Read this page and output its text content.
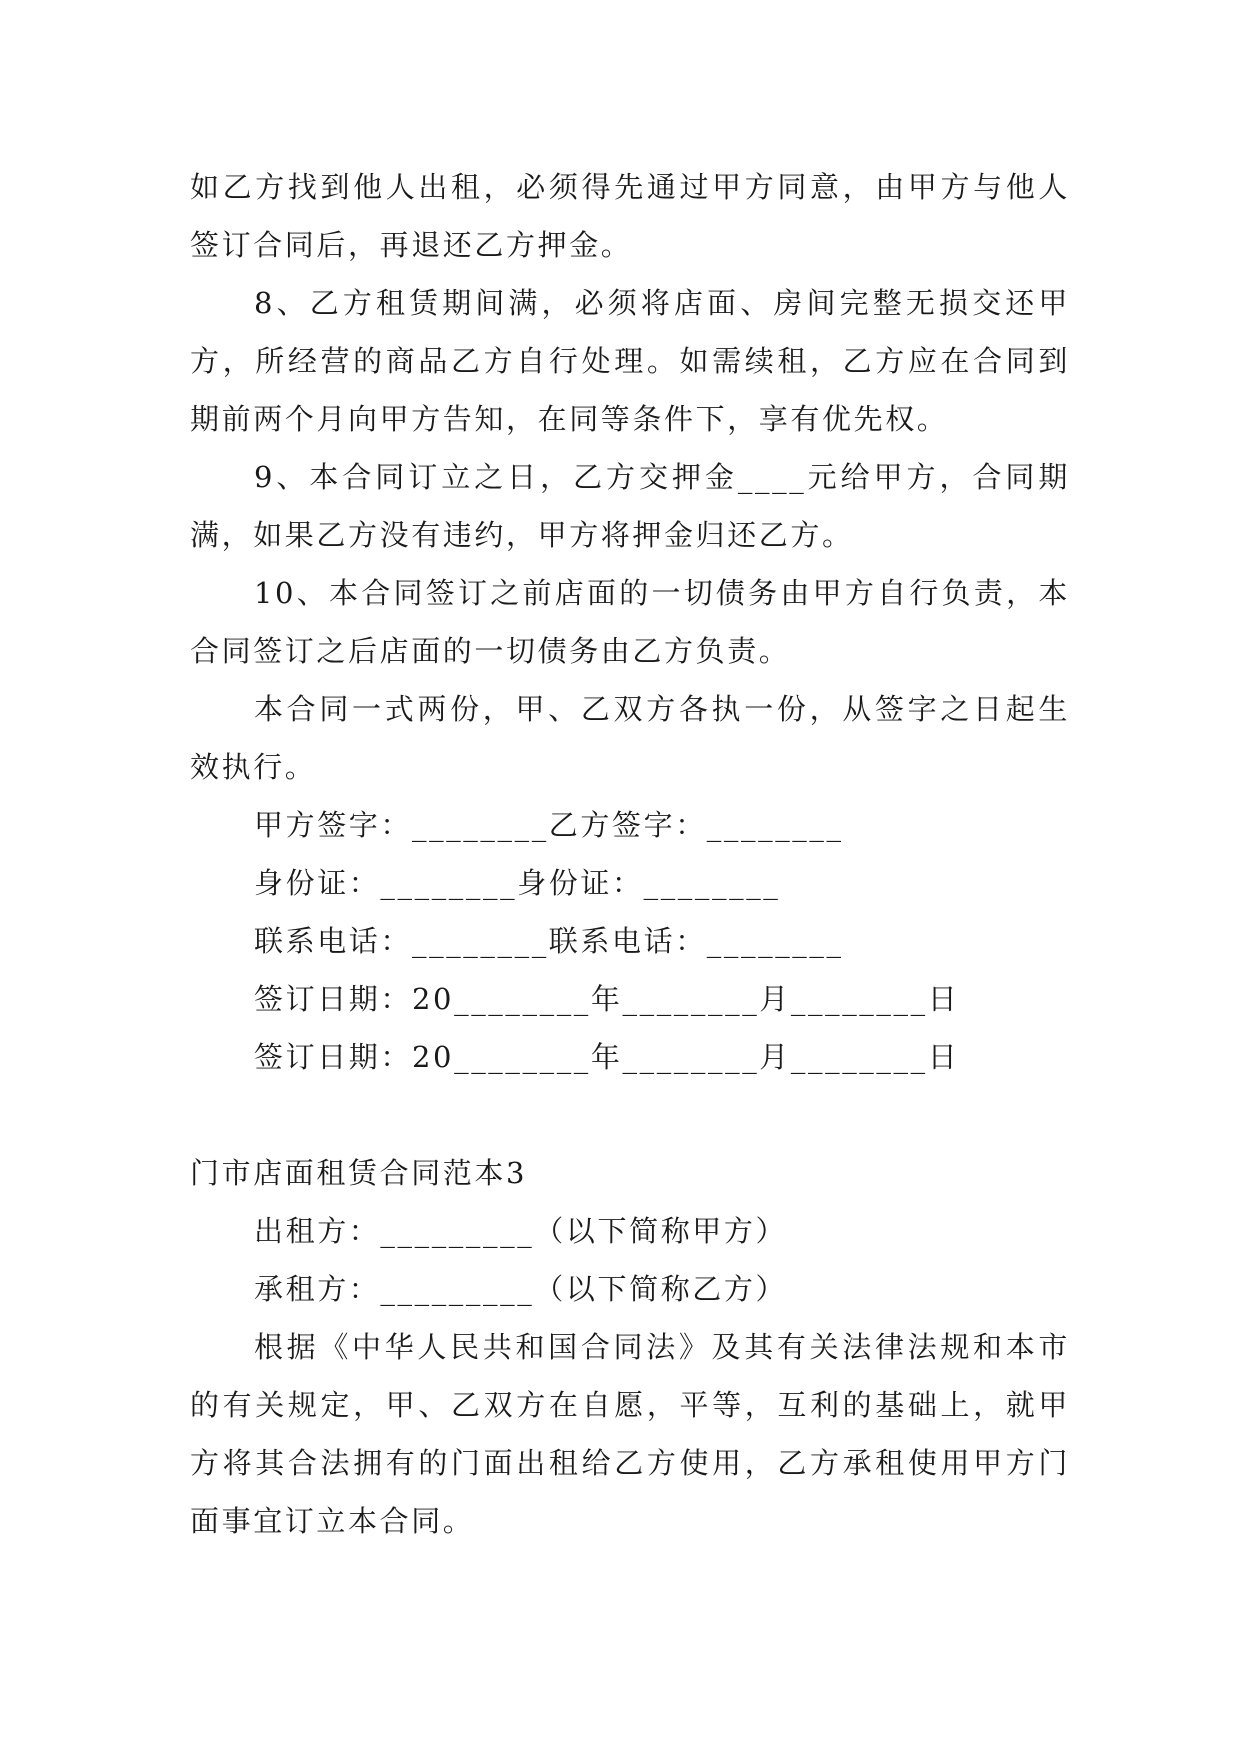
如乙方找到他人出租，必须得先通过甲方同意，由甲方与他人签订合同后，再退还乙方押金。

8、乙方租赁期间满，必须将店面、房间完整无损交还甲方，所经营的商品乙方自行处理。如需续租，乙方应在合同到期前两个月向甲方告知，在同等条件下，享有优先权。

9、本合同订立之日，乙方交押金____元给甲方，合同期满，如果乙方没有违约，甲方将押金归还乙方。

10、本合同签订之前店面的一切债务由甲方自行负责，本合同签订之后店面的一切债务由乙方负责。

本合同一式两份，甲、乙双方各执一份，从签字之日起生效执行。

甲方签字：________乙方签字：________

身份证：________身份证：________

联系电话：________联系电话：________

签订日期：20________年________月________日

签订日期：20________年________月________日

门市店面租赁合同范本3

出租方：_________（以下简称甲方）

承租方：_________（以下简称乙方）

根据《中华人民共和国合同法》及其有关法律法规和本市的有关规定，甲、乙双方在自愿，平等，互利的基础上，就甲方将其合法拥有的门面出租给乙方使用，乙方承租使用甲方门面事宜订立本合同。
